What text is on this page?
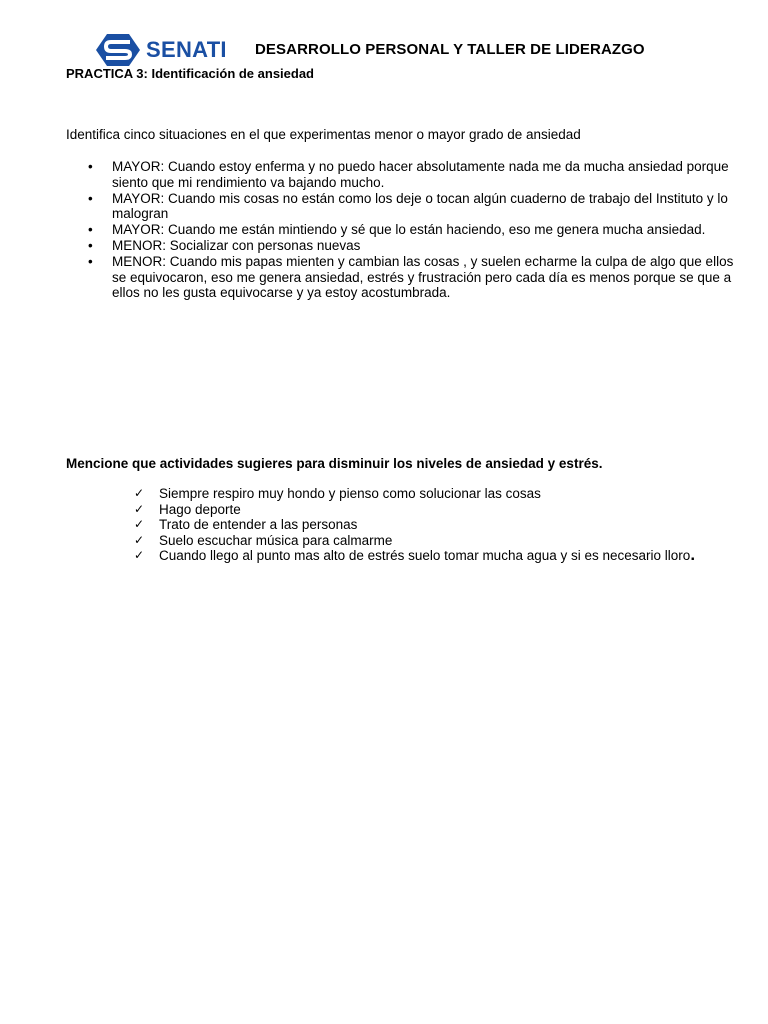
SENATI DESARROLLO PERSONAL Y TALLER DE LIDERAZGO
PRACTICA 3: Identificación de ansiedad
Identifica cinco situaciones en el que experimentas menor o mayor grado de ansiedad
•	MAYOR: Cuando estoy enferma y no puedo hacer absolutamente nada me da mucha ansiedad porque siento que mi rendimiento va bajando mucho.
•	MAYOR: Cuando mis cosas no están como los deje o tocan algún cuaderno de trabajo del Instituto y lo malogran
•	MAYOR: Cuando me están mintiendo y sé que lo están haciendo, eso me genera mucha ansiedad.
•	MENOR: Socializar con personas nuevas
•	MENOR: Cuando mis papas mienten y cambian las cosas , y suelen echarme la culpa de algo que ellos se equivocaron, eso me genera ansiedad, estrés y frustración pero cada día es menos porque se que a ellos no les gusta equivocarse y ya estoy acostumbrada.
Mencione que actividades sugieres para disminuir los niveles de ansiedad y estrés.
✓ Siempre respiro muy hondo y pienso como solucionar las cosas
✓ Hago deporte
✓ Trato de entender a las personas
✓ Suelo escuchar música para calmarme
✓ Cuando llego al punto mas alto de estrés suelo tomar mucha agua y si es necesario lloro.
